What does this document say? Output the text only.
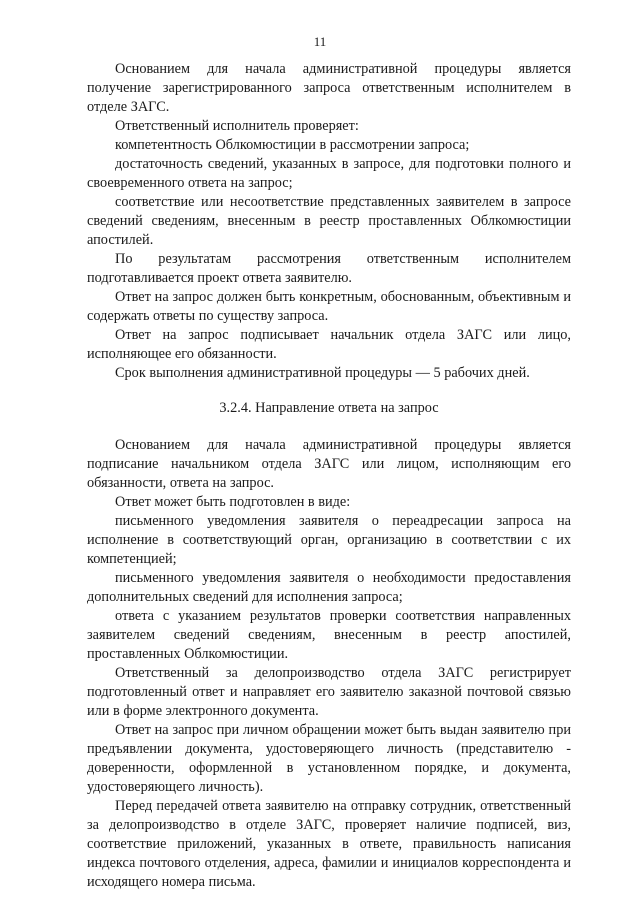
11

Основанием для начала административной процедуры является получение зарегистрированного запроса ответственным исполнителем в отделе ЗАГС.

Ответственный исполнитель проверяет:

компетентность Облкомюстиции в рассмотрении запроса;

достаточность сведений, указанных в запросе, для подготовки полного и своевременного ответа на запрос;

соответствие или несоответствие представленных заявителем в запросе сведений сведениям, внесенным в реестр проставленных Облкомюстиции апостилей.

По результатам рассмотрения ответственным исполнителем подготавливается проект ответа заявителю.

Ответ на запрос должен быть конкретным, обоснованным, объективным и содержать ответы по существу запроса.

Ответ на запрос подписывает начальник отдела ЗАГС или лицо, исполняющее его обязанности.

Срок выполнения административной процедуры — 5 рабочих дней.

3.2.4. Направление ответа на запрос

Основанием для начала административной процедуры является подписание начальником отдела ЗАГС или лицом, исполняющим его обязанности, ответа на запрос.

Ответ может быть подготовлен в виде:

письменного уведомления заявителя о переадресации запроса на исполнение в соответствующий орган, организацию в соответствии с их компетенцией;

письменного уведомления заявителя о необходимости предоставления дополнительных сведений для исполнения запроса;

ответа с указанием результатов проверки соответствия направленных заявителем сведений сведениям, внесенным в реестр апостилей, проставленных Облкомюстиции.

Ответственный за делопроизводство отдела ЗАГС регистрирует подготовленный ответ и направляет его заявителю заказной почтовой связью или в форме электронного документа.

Ответ на запрос при личном обращении может быть выдан заявителю при предъявлении документа, удостоверяющего личность (представителю - доверенности, оформленной в установленном порядке, и документа, удостоверяющего личность).

Перед передачей ответа заявителю на отправку сотрудник, ответственный за делопроизводство в отделе ЗАГС, проверяет наличие подписей, виз, соответствие приложений, указанных в ответе, правильность написания индекса почтового отделения, адреса, фамилии и инициалов корреспондента и исходящего номера письма.
